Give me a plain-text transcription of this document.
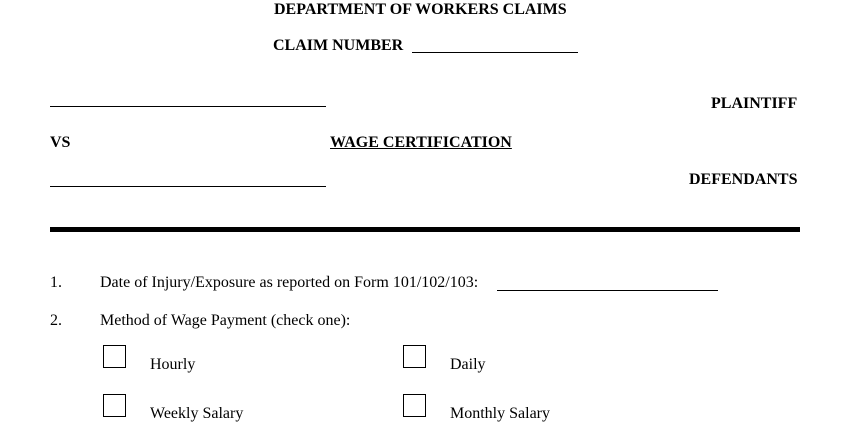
DEPARTMENT OF WORKERS CLAIMS
CLAIM NUMBER
PLAINTIFF
VS	WAGE CERTIFICATION
DEFENDANTS
1. Date of Injury/Exposure as reported on Form 101/102/103:
2. Method of Wage Payment (check one):
Hourly	Daily
Weekly Salary	Monthly Salary
